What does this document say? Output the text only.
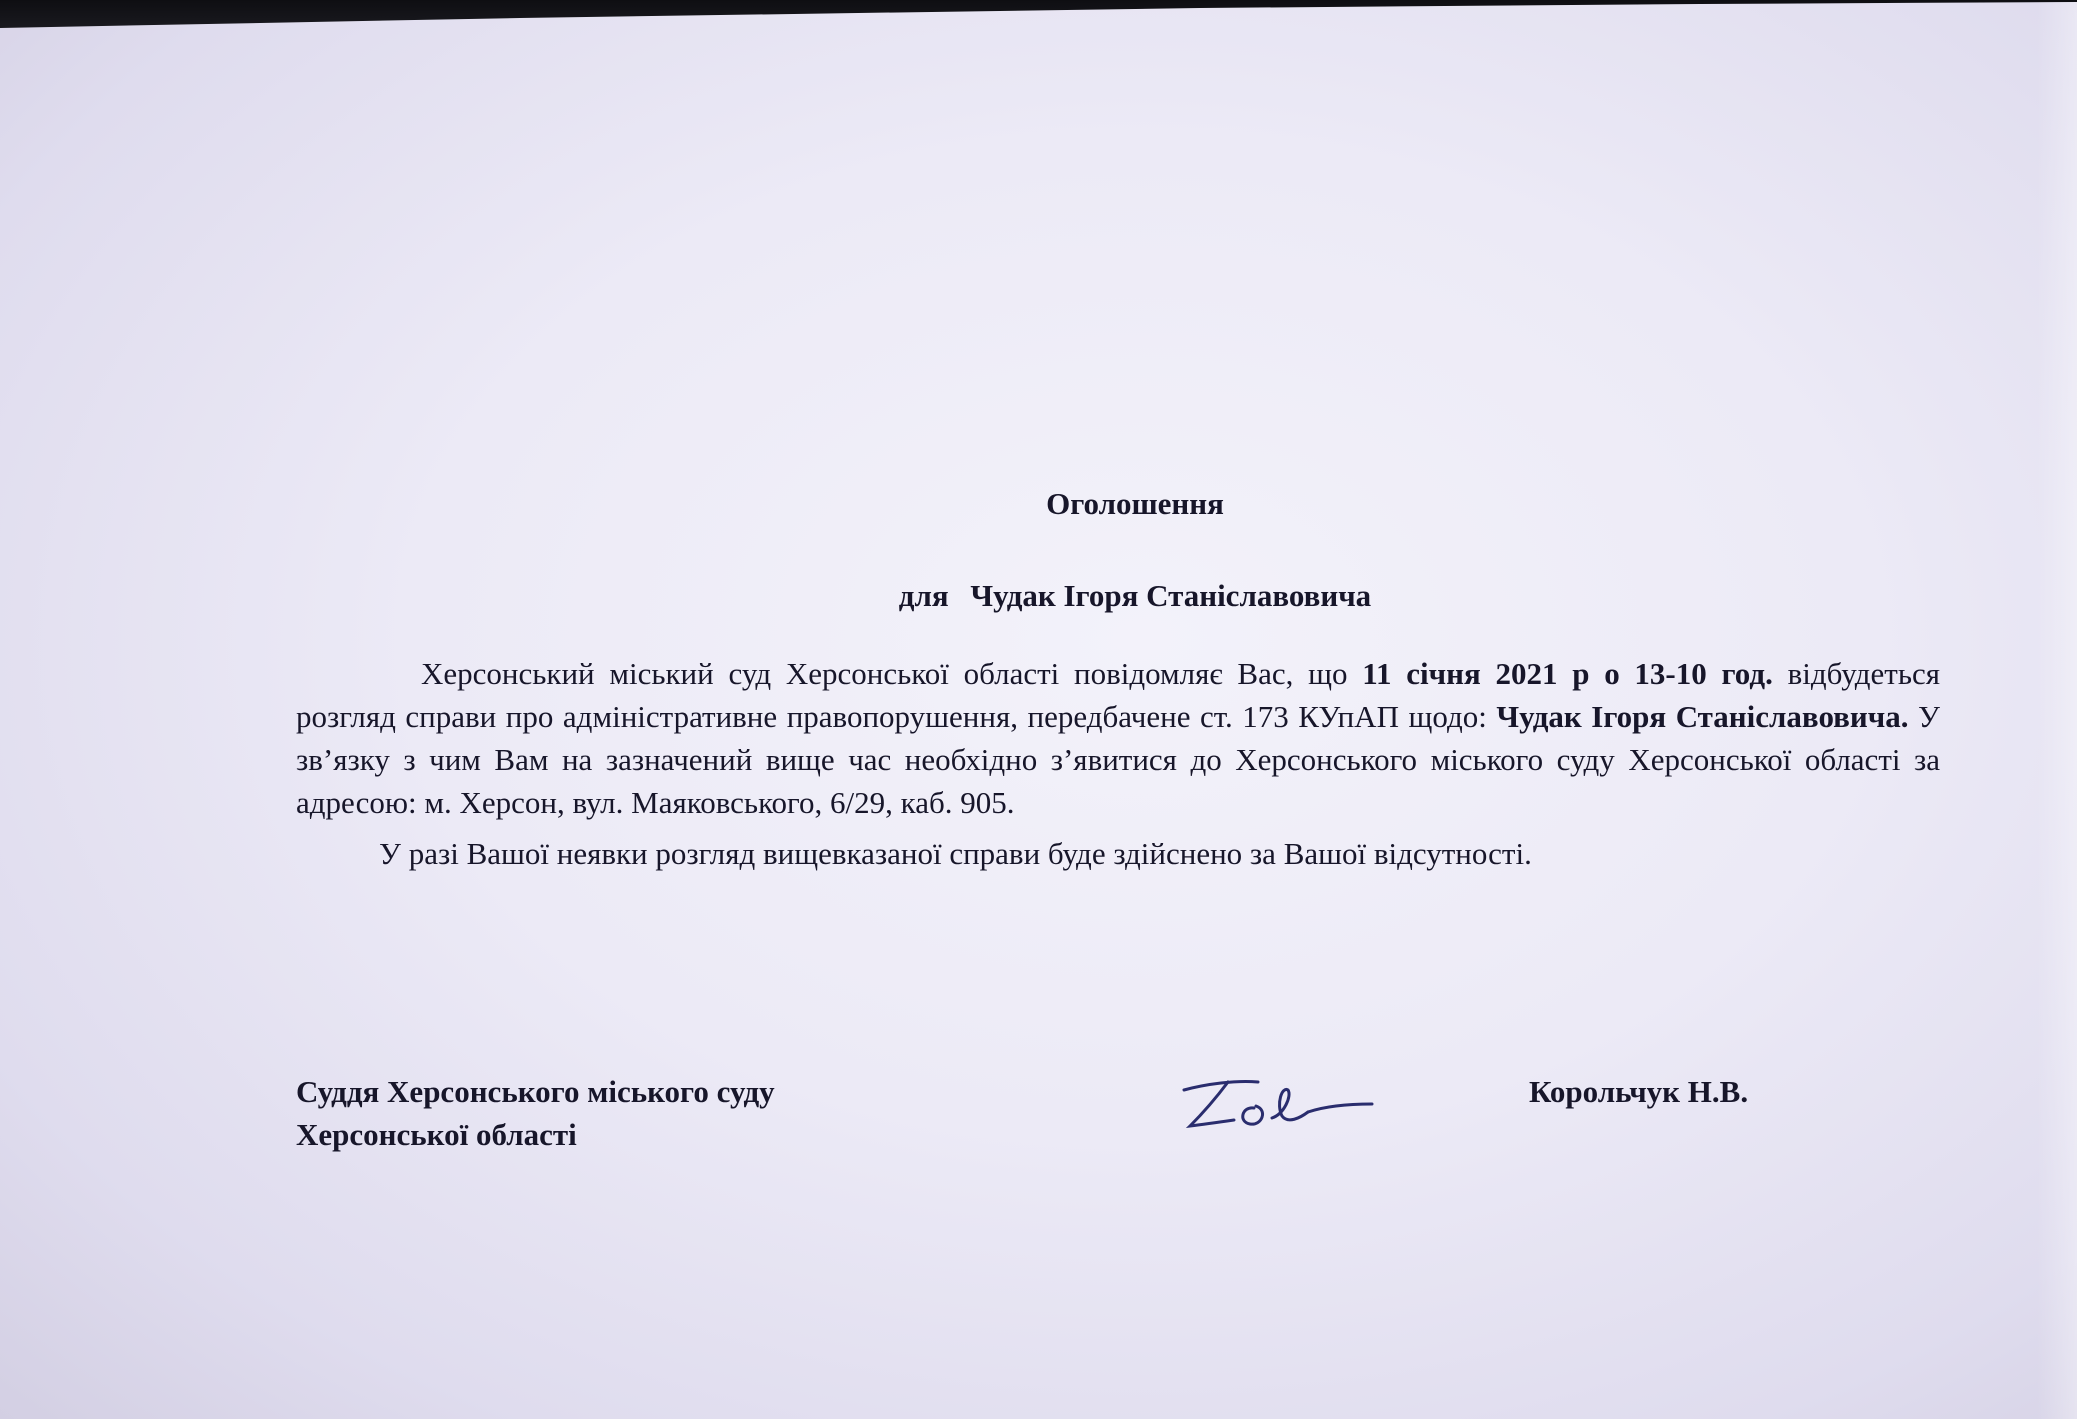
Оголошення
для Чудак Ігоря Станіславовича

Херсонський міський суд Херсонської області повідомляє Вас, що 11 січня 2021 р о 13-10 год. відбудеться розгляд справи про адміністративне правопорушення, передбачене ст. 173 КУпАП щодо: Чудак Ігоря Станіславовича. У зв’язку з чим Вам на зазначений вище час необхідно з’явитися до Херсонського міського суду Херсонської області за адресою: м. Херсон, вул. Маяковського, 6/29, каб. 905.

У разі Вашої неявки розгляд вищевказаної справи буде здійснено за Вашої відсутності.

Суддя Херсонського міського суду
Херсонської області
Корольчук Н.В.
